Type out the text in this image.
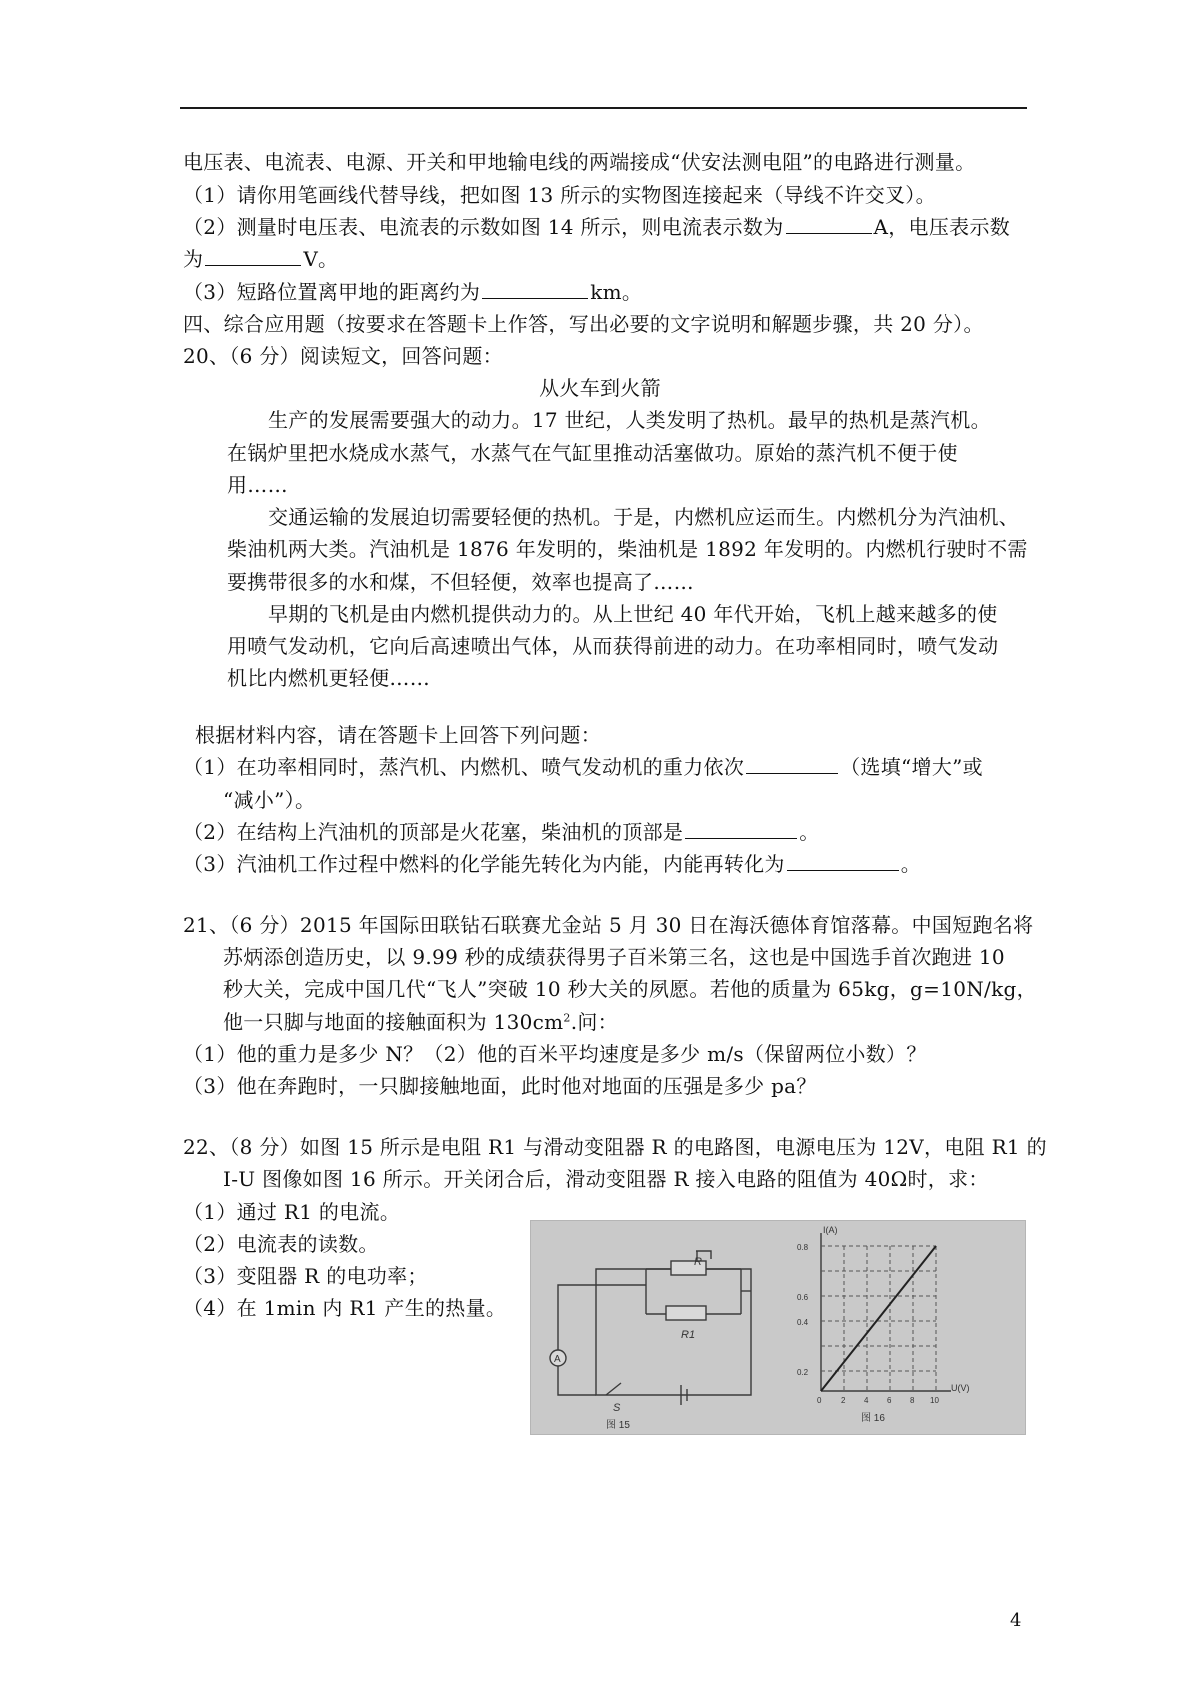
电压表、电流表、电源、开关和甲地输电线的两端接成“伏安法测电阻”的电路进行测量。
（1）请你用笔画线代替导线，把如图 13 所示的实物图连接起来（导线不许交叉）。
（2）测量时电压表、电流表的示数如图 14 所示，则电流表示数为	A，电压表示数
为	V。
（3）短路位置离甲地的距离约为	km。
四、综合应用题（按要求在答题卡上作答，写出必要的文字说明和解题步骤，共 20 分）。
20、（6 分）阅读短文，回答问题：
从火车到火箭
生产的发展需要强大的动力。17 世纪，人类发明了热机。最早的热机是蒸汽机。
在锅炉里把水烧成水蒸气，水蒸气在气缸里推动活塞做功。原始的蒸汽机不便于使
用……
交通运输的发展迫切需要轻便的热机。于是，内燃机应运而生。内燃机分为汽油机、
柴油机两大类。汽油机是 1876 年发明的，柴油机是 1892 年发明的。内燃机行驶时不需
要携带很多的水和煤，不但轻便，效率也提高了……
早期的飞机是由内燃机提供动力的。从上世纪 40 年代开始，飞机上越来越多的使
用喷气发动机，它向后高速喷出气体，从而获得前进的动力。在功率相同时，喷气发动
机比内燃机更轻便……
根据材料内容，请在答题卡上回答下列问题：
（1）在功率相同时，蒸汽机、内燃机、喷气发动机的重力依次	（选填“增大”或
“减小”）。
（2）在结构上汽油机的顶部是火花塞，柴油机的顶部是	。
（3）汽油机工作过程中燃料的化学能先转化为内能，内能再转化为	。
21、（6 分）2015 年国际田联钻石联赛尤金站 5 月 30 日在海沃德体育馆落幕。中国短跑名将
苏炳添创造历史，以 9.99 秒的成绩获得男子百米第三名，这也是中国选手首次跑进 10
秒大关，完成中国几代“飞人”突破 10 秒大关的夙愿。若他的质量为 65kg，g=10N/kg，
他一只脚与地面的接触面积为 $130cm^2$.问：
（1）他的重力是多少 N？（2）他的百米平均速度是多少 m/s（保留两位小数）？
（3）他在奔跑时，一只脚接触地面，此时他对地面的压强是多少 pa？
22、（8 分）如图 15 所示是电阻 R1 与滑动变阻器 R 的电路图，电源电压为 12V，电阻 R1 的
I-U 图像如图 16 所示。开关闭合后，滑动变阻器 R 接入电路的阻值为 40Ω时，求：
（1）通过 R1 的电流。
（2）电流表的读数。
（3）变阻器 R 的电功率；
（4）在 1min 内 R1 产生的热量。
R
R1
A
S
图 15
0.2
0.4
0.6
0.8
0 2 4 6 8 10
I(A)
U(V)
图 16
4
